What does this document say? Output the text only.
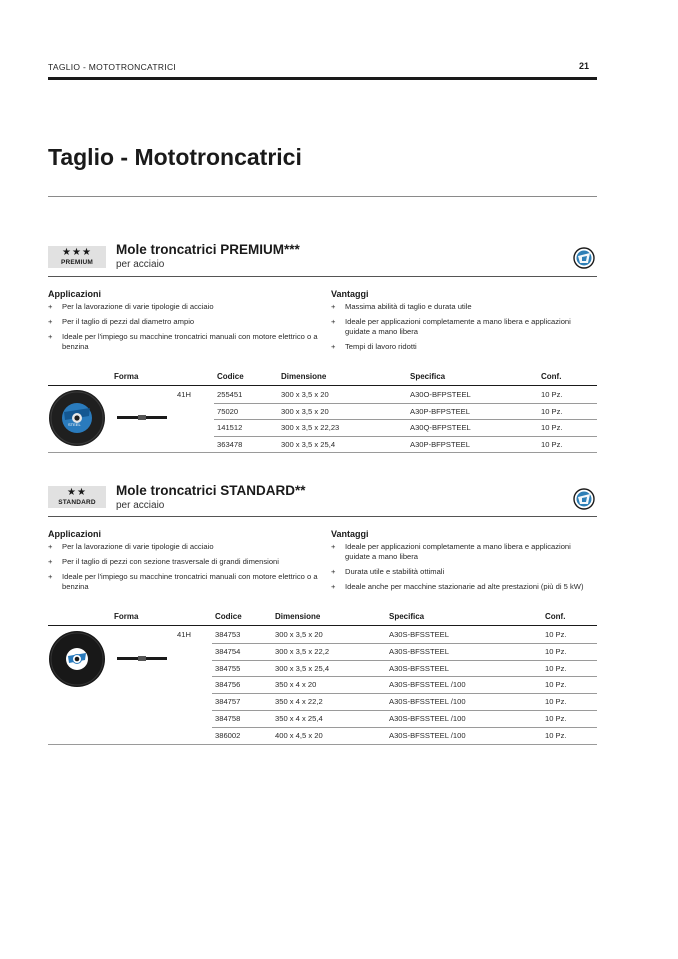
TAGLIO - MOTOTRONCATRICI	21
Taglio - Mototroncatrici
★★★
PREMIUM
Mole troncatrici PREMIUM***
per acciaio
Applicazioni
+ Per la lavorazione di varie tipologie di acciaio
+ Per il taglio di pezzi dal diametro ampio
+ Ideale per l'impiego su macchine troncatrici manuali con motore elettrico o a benzina
Vantaggi
+ Massima abilità di taglio e durata utile
+ Ideale per applicazioni completamente a mano libera e applicazioni guidate a mano libera
+ Tempi di lavoro ridotti
Forma	Codice	Dimensione	Specifica	Conf.
STEEL
41H	255451	300 x 3,5 x 20	A30O-BFPSTEEL	10 Pz.
75020	300 x 3,5 x 20	A30P-BFPSTEEL	10 Pz.
141512	300 x 3,5 x 22,23	A30Q-BFPSTEEL	10 Pz.
363478	300 x 3,5 x 25,4	A30P-BFPSTEEL	10 Pz.
★★
STANDARD
Mole troncatrici STANDARD**
per acciaio
Applicazioni
+ Per la lavorazione di varie tipologie di acciaio
+ Per il taglio di pezzi con sezione trasversale di grandi dimensioni
+ Ideale per l'impiego su macchine troncatrici manuali con motore elettrico o a benzina
Vantaggi
+ Ideale per applicazioni completamente a mano libera e applicazioni guidate a mano libera
+ Durata utile e stabilità ottimali
+ Ideale anche per macchine stazionarie ad alte prestazioni (più di 5 kW)
Forma	Codice	Dimensione	Specifica	Conf.
41H	384753	300 x 3,5 x 20	A30S-BFSSTEEL	10 Pz.
384754	300 x 3,5 x 22,2	A30S-BFSSTEEL	10 Pz.
384755	300 x 3,5 x 25,4	A30S-BFSSTEEL	10 Pz.
384756	350 x 4 x 20	A30S-BFSSTEEL /100	10 Pz.
384757	350 x 4 x 22,2	A30S-BFSSTEEL /100	10 Pz.
384758	350 x 4 x 25,4	A30S-BFSSTEEL /100	10 Pz.
386002	400 x 4,5 x 20	A30S-BFSSTEEL /100	10 Pz.
